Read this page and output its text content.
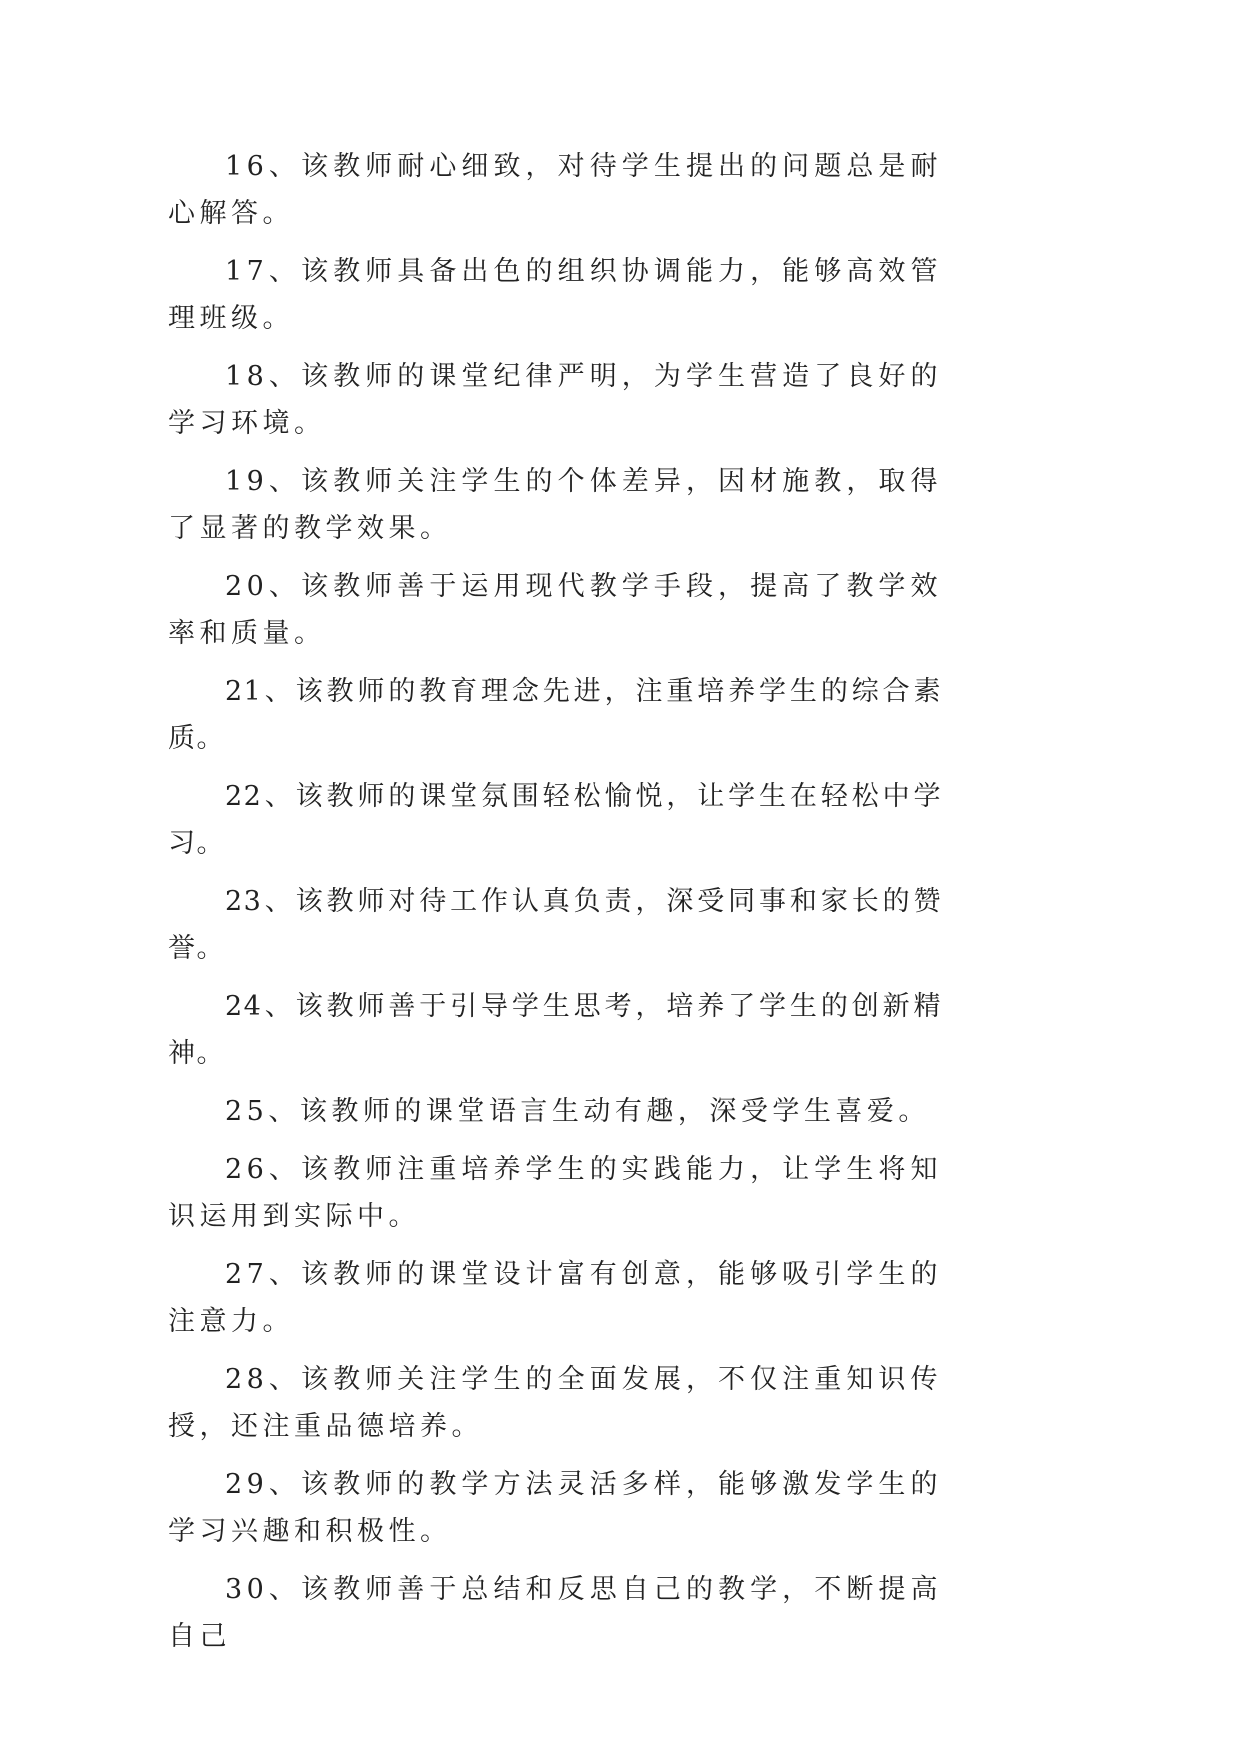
16、该教师耐心细致，对待学生提出的问题总是耐心解答。

17、该教师具备出色的组织协调能力，能够高效管理班级。

18、该教师的课堂纪律严明，为学生营造了良好的学习环境。

19、该教师关注学生的个体差异，因材施教，取得了显著的教学效果。

20、该教师善于运用现代教学手段，提高了教学效率和质量。

21、该教师的教育理念先进，注重培养学生的综合素质。

22、该教师的课堂氛围轻松愉悦，让学生在轻松中学习。

23、该教师对待工作认真负责，深受同事和家长的赞誉。

24、该教师善于引导学生思考，培养了学生的创新精神。

25、该教师的课堂语言生动有趣，深受学生喜爱。

26、该教师注重培养学生的实践能力，让学生将知识运用到实际中。

27、该教师的课堂设计富有创意，能够吸引学生的注意力。

28、该教师关注学生的全面发展，不仅注重知识传授，还注重品德培养。

29、该教师的教学方法灵活多样，能够激发学生的学习兴趣和积极性。

30、该教师善于总结和反思自己的教学，不断提高自己
